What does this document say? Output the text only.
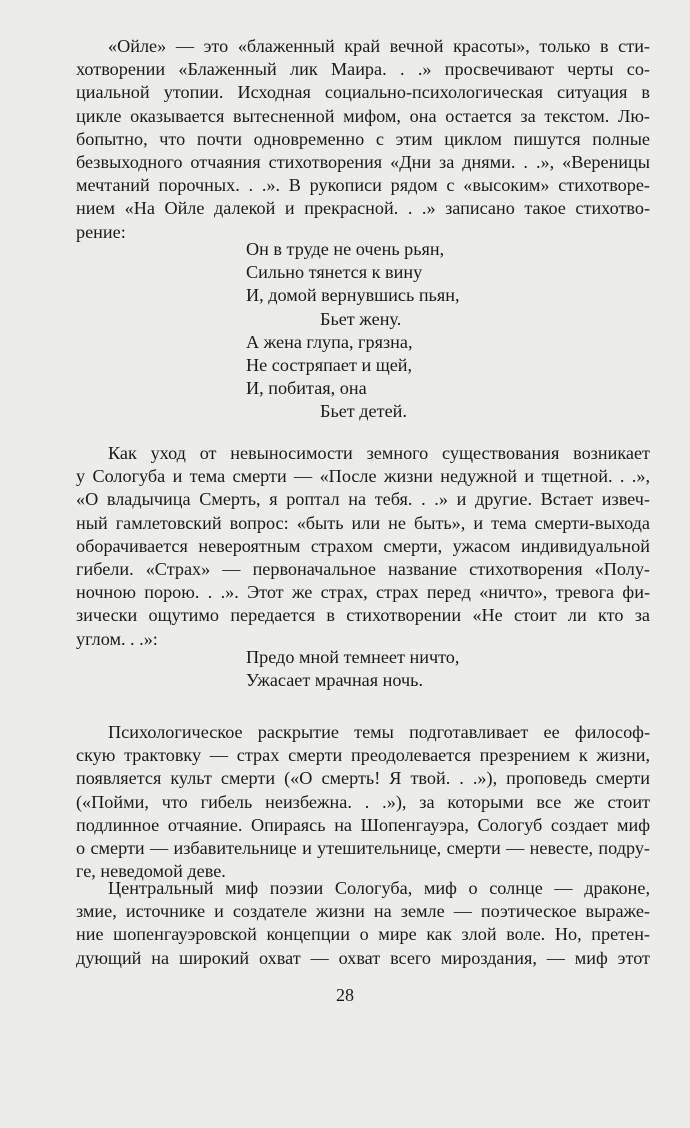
«Ойле» — это «блаженный край вечной красоты», только в сти-
хотворении «Блаженный лик Маира. . .» просвечивают черты со-
циальной утопии. Исходная социально-психологическая ситуация в
цикле оказывается вытесненной мифом, она остается за текстом. Лю-
бопытно, что почти одновременно с этим циклом пишутся полные
безвыходного отчаяния стихотворения «Дни за днями. . .», «Вереницы
мечтаний порочных. . .». В рукописи рядом с «высоким» стихотворе-
нием «На Ойле далекой и прекрасной. . .» записано такое стихотво-
рение:
Он в труде не очень рьян,
Сильно тянется к вину
И, домой вернувшись пьян,
Бьет жену.
А жена глупа, грязна,
Не состряпает и щей,
И, побитая, она
Бьет детей.
Как уход от невыносимости земного существования возникает
у Сологуба и тема смерти — «После жизни недужной и тщетной. . .»,
«О владычица Смерть, я роптал на тебя. . .» и другие. Встает извеч-
ный гамлетовский вопрос: «быть или не быть», и тема смерти-выхода
оборачивается невероятным страхом смерти, ужасом индивидуальной
гибели. «Страх» — первоначальное название стихотворения «Полу-
ночною порою. . .». Этот же страх, страх перед «ничто», тревога фи-
зически ощутимо передается в стихотворении «Не стоит ли кто за
углом. . .»:
Предо мной темнеет ничто,
Ужасает мрачная ночь.
Психологическое раскрытие темы подготавливает ее философ-
скую трактовку — страх смерти преодолевается презрением к жизни,
появляется культ смерти («О смерть! Я твой. . .»), проповедь смерти
(«Пойми, что гибель неизбежна. . .»), за которыми все же стоит
подлинное отчаяние. Опираясь на Шопенгауэра, Сологуб создает миф
о смерти — избавительнице и утешительнице, смерти — невесте, подру-
ге, неведомой деве.
Центральный миф поэзии Сологуба, миф о солнце — драконе,
змие, источнике и создателе жизни на земле — поэтическое выраже-
ние шопенгауэровской концепции о мире как злой воле. Но, претен-
дующий на широкий охват — охват всего мироздания, — миф этот
28
